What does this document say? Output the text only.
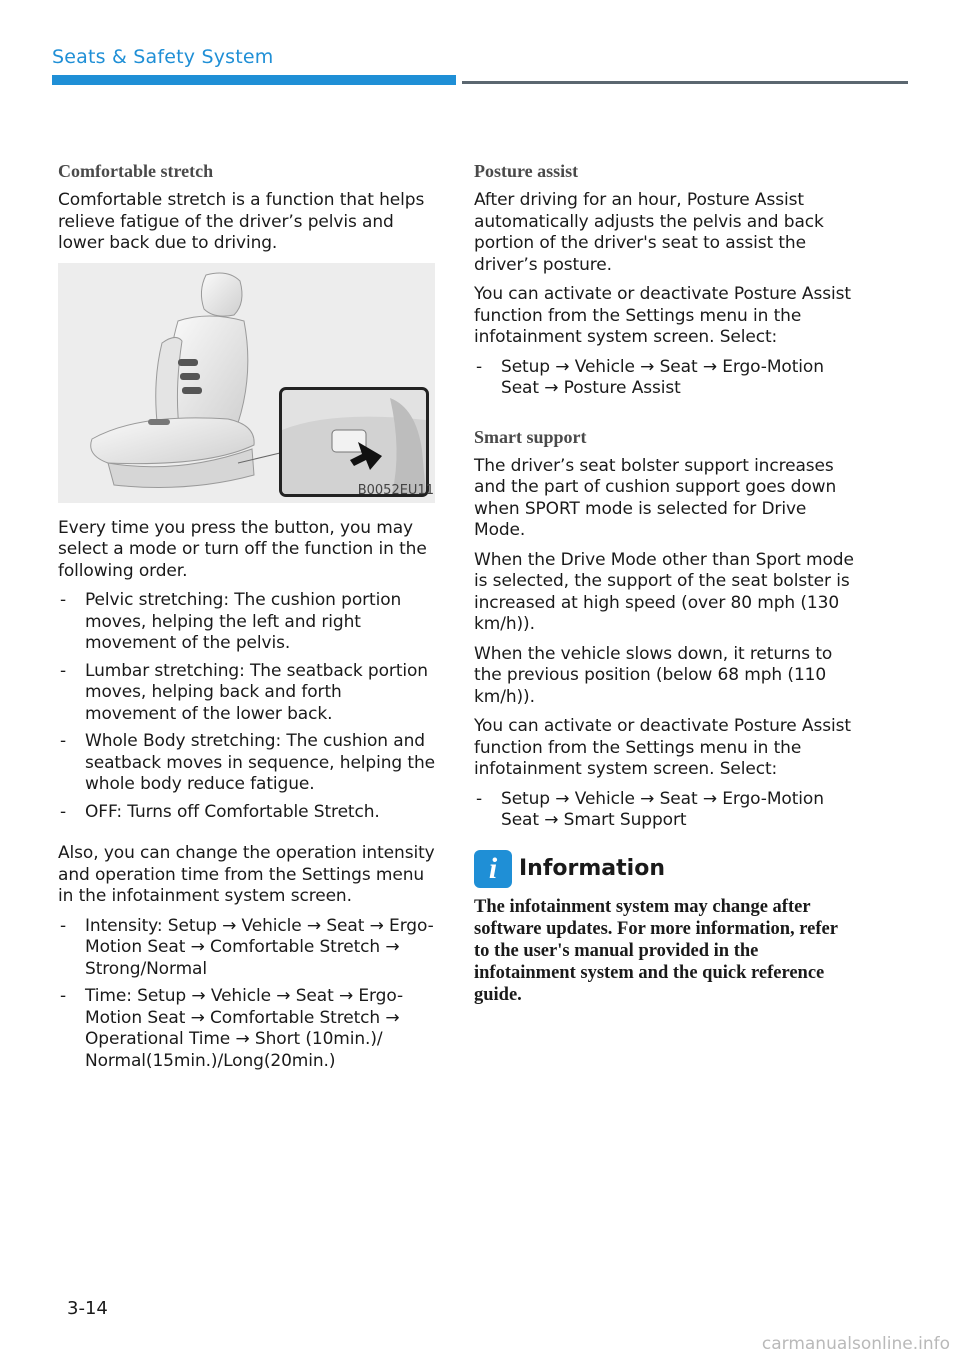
Seats & Safety System
Comfortable stretch

Comfortable stretch is a function that helps relieve fatigue of the driver’s pelvis and lower back due to driving.

B0052EU11

Every time you press the button, you may select a mode or turn off the function in the following order.

- Pelvic stretching: The cushion portion moves, helping the left and right movement of the pelvis.
- Lumbar stretching: The seatback portion moves, helping back and forth movement of the lower back.
- Whole Body stretching: The cushion and seatback moves in sequence, helping the whole body reduce fatigue.
- OFF: Turns off Comfortable Stretch.

Also, you can change the operation intensity and operation time from the Settings menu in the infotainment system screen.

- Intensity: Setup → Vehicle → Seat → Ergo-Motion Seat → Comfortable Stretch → Strong/Normal
- Time: Setup → Vehicle → Seat → Ergo-Motion Seat → Comfortable Stretch → Operational Time → Short (10min.)/ Normal(15min.)/Long(20min.)
Posture assist

After driving for an hour, Posture Assist automatically adjusts the pelvis and back portion of the driver's seat to assist the driver’s posture.

You can activate or deactivate Posture Assist function from the Settings menu in the infotainment system screen. Select:

- Setup → Vehicle → Seat → Ergo-Motion Seat → Posture Assist
Smart support

The driver’s seat bolster support increases and the part of cushion support goes down when SPORT mode is selected for Drive Mode.

When the Drive Mode other than Sport mode is selected, the support of the seat bolster is increased at high speed (over 80 mph (130 km/h)).

When the vehicle slows down, it returns to the previous position (below 68 mph (110 km/h)).

You can activate or deactivate Posture Assist function from the Settings menu in the infotainment system screen. Select:

- Setup → Vehicle → Seat → Ergo-Motion Seat → Smart Support
i Information

The infotainment system may change after software updates. For more information, refer to the user's manual provided in the infotainment system and the quick reference guide.

3-14
carmanualsonline.info
